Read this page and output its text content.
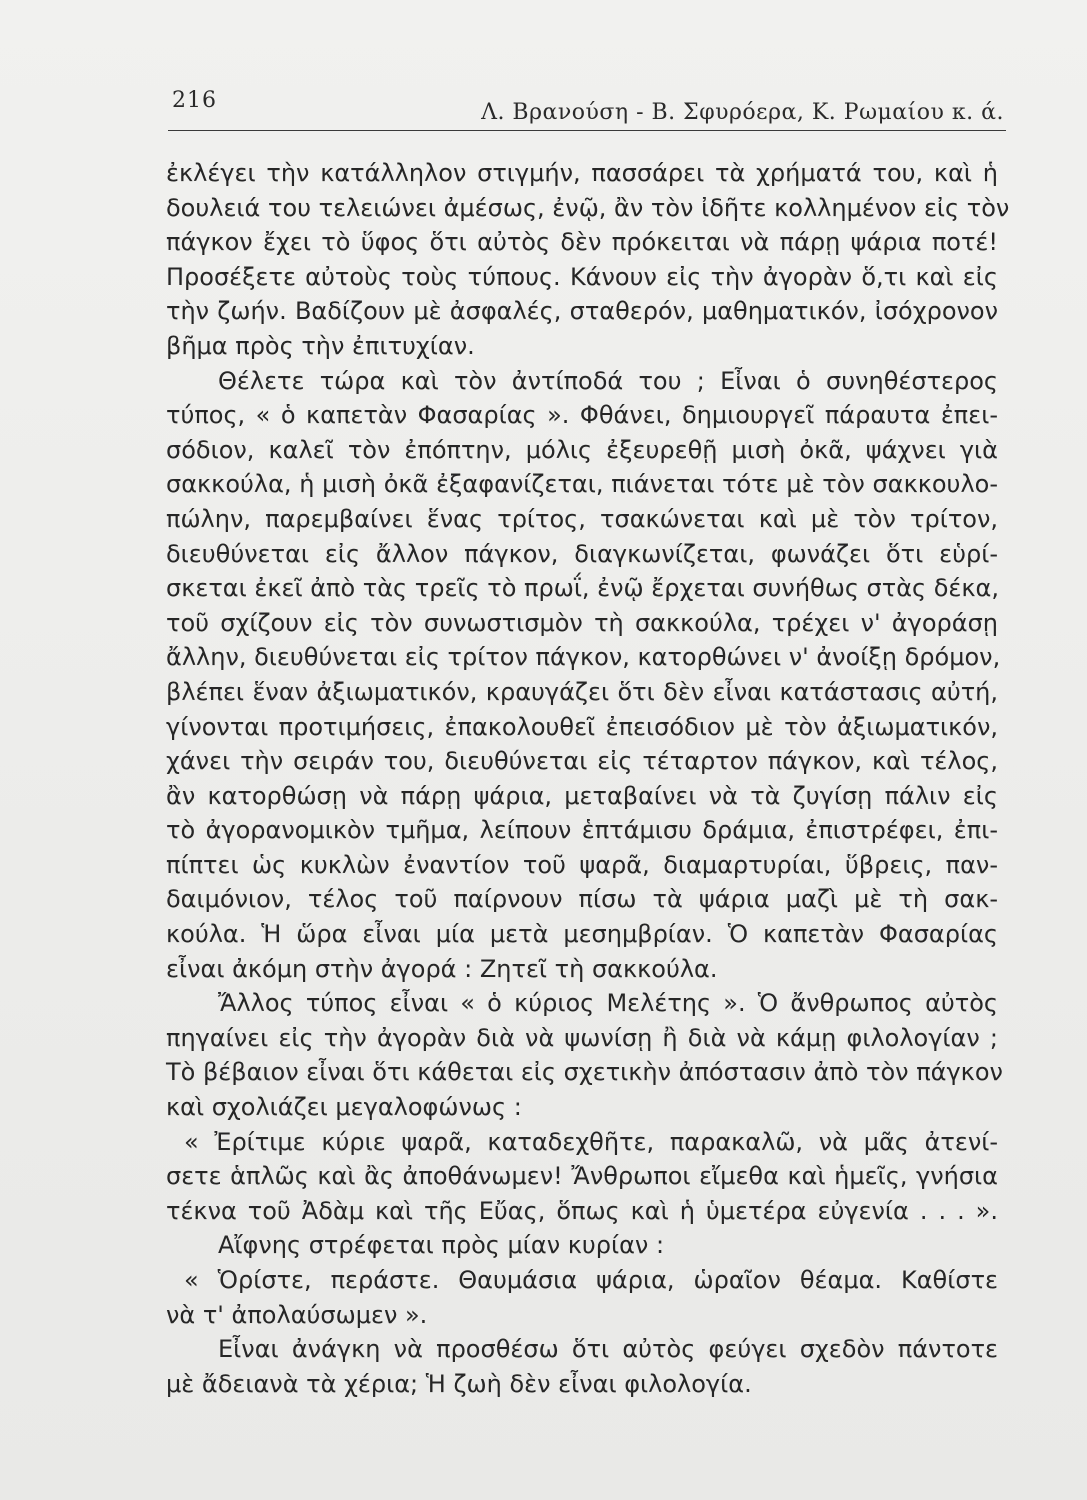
216	Λ. Βρανούση - Β. Σφυρόερα, Κ. Ρωμαίου κ. ά.
ἐκλέγει τὴν κατάλληλον στιγμήν, πασσάρει τὰ χρήματά του, καὶ ἡ
δουλειά του τελειώνει ἀμέσως, ἐνῷ, ἂν τὸν ἰδῆτε κολλημένον εἰς τὸν
πάγκον ἔχει τὸ ὕφος ὅτι αὐτὸς δὲν πρόκειται νὰ πάρῃ ψάρια ποτέ!
Προσέξετε αὐτοὺς τοὺς τύπους. Κάνουν εἰς τὴν ἀγορὰν ὅ,τι καὶ εἰς
τὴν ζωήν. Βαδίζουν μὲ ἀσφαλές, σταθερόν, μαθηματικόν, ἰσόχρονον
βῆμα πρὸς τὴν ἐπιτυχίαν.
Θέλετε τώρα καὶ τὸν ἀντίποδά του ; Εἶναι ὁ συνηθέστερος
τύπος, « ὁ καπετὰν Φασαρίας ». Φθάνει, δημιουργεῖ πάραυτα ἐπει-
σόδιον, καλεῖ τὸν ἐπόπτην, μόλις ἐξευρεθῇ μισὴ ὀκᾶ, ψάχνει γιὰ
σακκούλα, ἡ μισὴ ὀκᾶ ἐξαφανίζεται, πιάνεται τότε μὲ τὸν σακκουλο-
πώλην, παρεμβαίνει ἕνας τρίτος, τσακώνεται καὶ μὲ τὸν τρίτον,
διευθύνεται εἰς ἄλλον πάγκον, διαγκωνίζεται, φωνάζει ὅτι εὑρί-
σκεται ἐκεῖ ἀπὸ τὰς τρεῖς τὸ πρωΐ, ἐνῷ ἔρχεται συνήθως στὰς δέκα,
τοῦ σχίζουν εἰς τὸν συνωστισμὸν τὴ σακκούλα, τρέχει ν' ἀγοράσῃ
ἄλλην, διευθύνεται εἰς τρίτον πάγκον, κατορθώνει ν' ἀνοίξῃ δρόμον,
βλέπει ἕναν ἀξιωματικόν, κραυγάζει ὅτι δὲν εἶναι κατάστασις αὐτή,
γίνονται προτιμήσεις, ἐπακολουθεῖ ἐπεισόδιον μὲ τὸν ἀξιωματικόν,
χάνει τὴν σειράν του, διευθύνεται εἰς τέταρτον πάγκον, καὶ τέλος,
ἂν κατορθώσῃ νὰ πάρῃ ψάρια, μεταβαίνει νὰ τὰ ζυγίσῃ πάλιν εἰς
τὸ ἀγορανομικὸν τμῆμα, λείπουν ἑπτάμισυ δράμια, ἐπιστρέφει, ἐπι-
πίπτει ὡς κυκλὼν ἐναντίον τοῦ ψαρᾶ, διαμαρτυρίαι, ὕβρεις, παν-
δαιμόνιον, τέλος τοῦ παίρνουν πίσω τὰ ψάρια μαζὶ μὲ τὴ σακ-
κούλα. Ἡ ὥρα εἶναι μία μετὰ μεσημβρίαν. Ὁ καπετὰν Φασαρίας
εἶναι ἀκόμη στὴν ἀγορά : Ζητεῖ τὴ σακκούλα.
Ἄλλος τύπος εἶναι « ὁ κύριος Μελέτης ». Ὁ ἄνθρωπος αὐτὸς
πηγαίνει εἰς τὴν ἀγορὰν διὰ νὰ ψωνίσῃ ἢ διὰ νὰ κάμῃ φιλολογίαν ;
Τὸ βέβαιον εἶναι ὅτι κάθεται εἰς σχετικὴν ἀπόστασιν ἀπὸ τὸν πάγκον
καὶ σχολιάζει μεγαλοφώνως :
« Ἐρίτιμε κύριε ψαρᾶ, καταδεχθῆτε, παρακαλῶ, νὰ μᾶς ἀτενί-
σετε ἁπλῶς καὶ ἂς ἀποθάνωμεν! Ἄνθρωποι εἴμεθα καὶ ἡμεῖς, γνήσια
τέκνα τοῦ Ἀδὰμ καὶ τῆς Εὔας, ὅπως καὶ ἡ ὑμετέρα εὐγενία . . . ».
Αἴφνης στρέφεται πρὸς μίαν κυρίαν :
« Ὁρίστε, περάστε. Θαυμάσια ψάρια, ὡραῖον θέαμα. Καθίστε
νὰ τ' ἀπολαύσωμεν ».
Εἶναι ἀνάγκη νὰ προσθέσω ὅτι αὐτὸς φεύγει σχεδὸν πάντοτε
μὲ ἄδειανὰ τὰ χέρια; Ἡ ζωὴ δὲν εἶναι φιλολογία.
